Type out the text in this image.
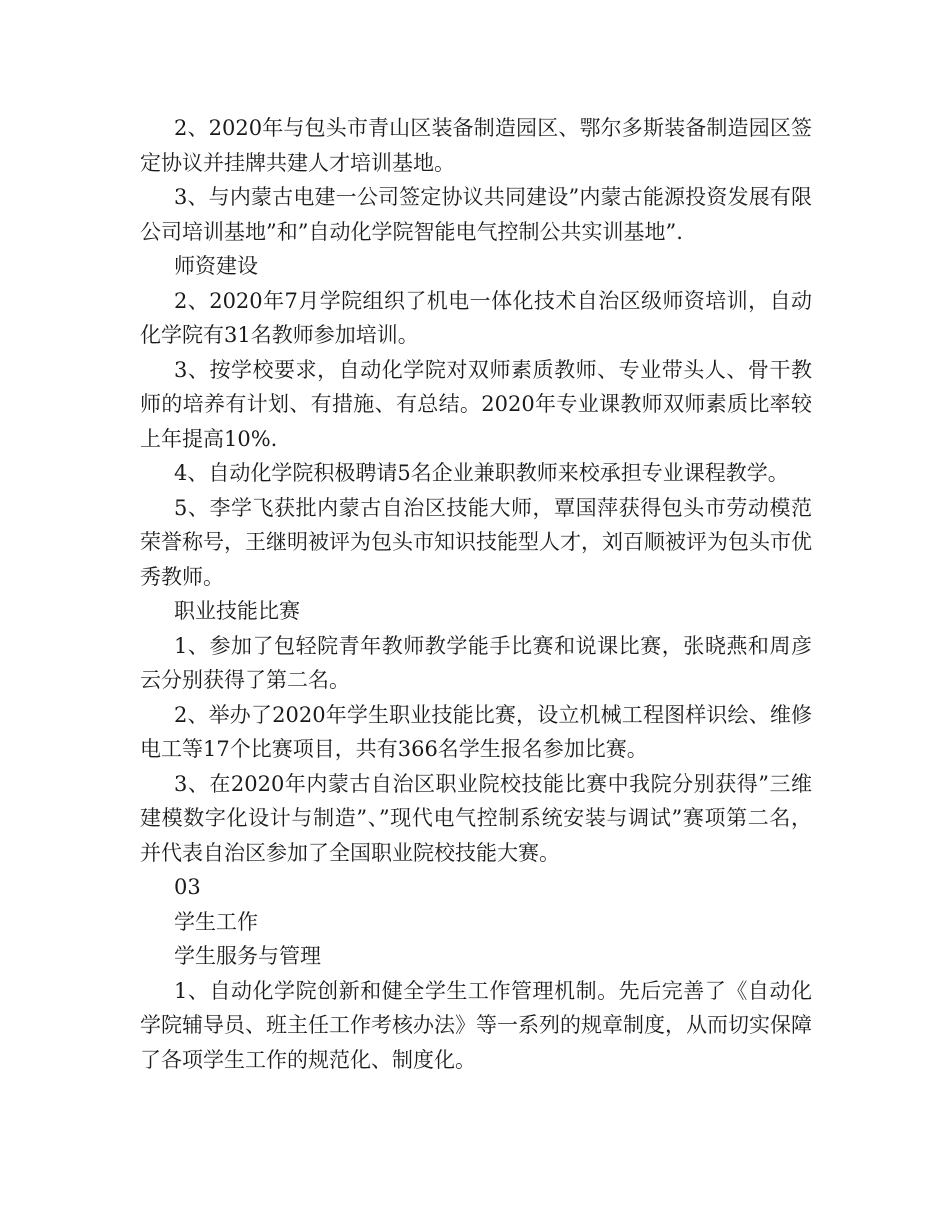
2、2020年与包头市青山区装备制造园区、鄂尔多斯装备制造园区签定协议并挂牌共建人才培训基地。

3、与内蒙古电建一公司签定协议共同建设”内蒙古能源投资发展有限公司培训基地”和”自动化学院智能电气控制公共实训基地”.

师资建设

2、2020年7月学院组织了机电一体化技术自治区级师资培训，自动化学院有31名教师参加培训。

3、按学校要求，自动化学院对双师素质教师、专业带头人、骨干教师的培养有计划、有措施、有总结。2020年专业课教师双师素质比率较上年提高10%.

4、自动化学院积极聘请5名企业兼职教师来校承担专业课程教学。

5、李学飞获批内蒙古自治区技能大师，覃国萍获得包头市劳动模范荣誉称号，王继明被评为包头市知识技能型人才，刘百顺被评为包头市优秀教师。

职业技能比赛

1、参加了包轻院青年教师教学能手比赛和说课比赛，张晓燕和周彦云分别获得了第二名。

2、举办了2020年学生职业技能比赛，设立机械工程图样识绘、维修电工等17个比赛项目，共有366名学生报名参加比赛。

3、在2020年内蒙古自治区职业院校技能比赛中我院分别获得”三维建模数字化设计与制造”、”现代电气控制系统安装与调试”赛项第二名，并代表自治区参加了全国职业院校技能大赛。

03

学生工作

学生服务与管理

1、自动化学院创新和健全学生工作管理机制。先后完善了《自动化学院辅导员、班主任工作考核办法》等一系列的规章制度，从而切实保障了各项学生工作的规范化、制度化。
